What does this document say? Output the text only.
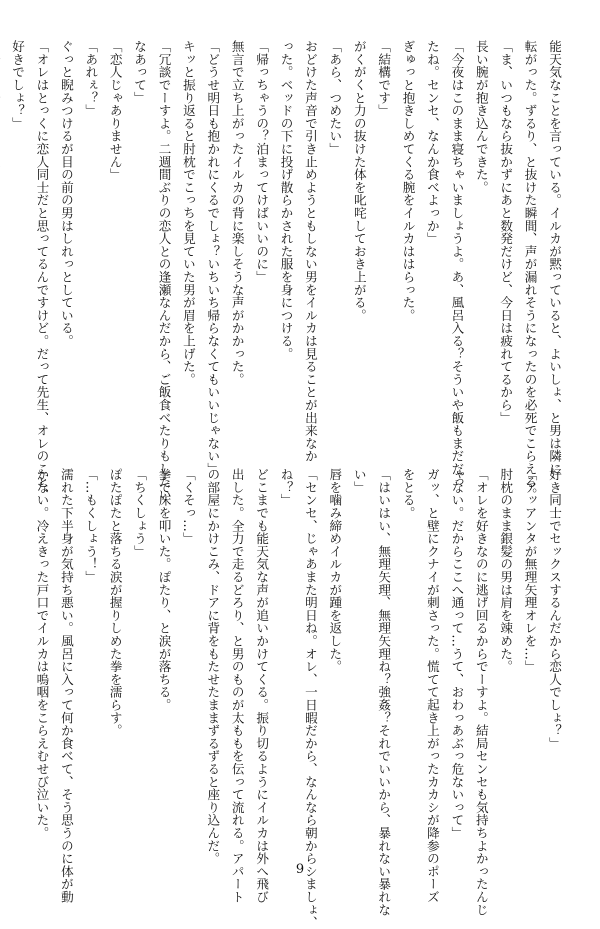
能天気なことを言っている。イルカが黙っていると、よいしょ、と男は隣に
転がった。ずるり、と抜けた瞬間、声が漏れそうになったのを必死でこらえる。
「ま、いつもなら抜かずにあと数発だけど、今日は疲れてるから」
長い腕が抱き込んできた。
「今夜はこのまま寝ちゃいましょうよ。あ、風呂入る？そういや飯もまだだっ
たね。センセ、なんか食べよっか」
ぎゅっと抱きしめてくる腕をイルカははらった。
「結構です」
がくがくと力の抜けた体を叱咤しておき上がる。
「あら、つめたい」
おどけた声音で引き止めようともしない男をイルカは見ることが出来なか
った。ベッドの下に投げ散らかされた服を身につける。
「帰っちゃうの？泊まってけばいいのに」
無言で立ち上がったイルカの背に楽しそうな声がかかった。
「どうせ明日も抱かれにくるでしょ？いちいち帰らなくてもいいじゃない」
キッと振り返ると肘枕でこっちを見ていた男が眉を上げた。
「冗談でーすよ。二週間ぶりの恋人との逢瀬なんだから、ご飯食べたりもしたい
なあって」
「恋人じゃありません」
「あれぇ？」
ぐっと睨みつけるが目の前の男はしれっとしている。
「オレはとっくに恋人同士だと思ってるんですけど。だって先生、オレのこと、
好きでしょ？」
好き同士でセックスするんだから恋人でしょ？」
「アッアンタが無理矢理オレを…」
肘枕のまま銀髪の男は肩を竦めた。
「オレを好きなのに逃げ回るからでーすよ。結局センセも気持ちよかったんじ
ゃない。だからここへ通って…うて、おわっあぶっ危ないって」
ガッ、と壁にクナイが刺さった。慌てて起き上がったカカシが降参のポーズ
をとる。
「はいはい、無理矢理、無理矢理ね？強姦？それでいいから、暴れない暴れな
い」
唇を噛み締めイルカが踵を返した。
「センセ、じゃあまた明日ね。オレ、一日暇だから、なんなら朝からシましょ、
ね？」
どこまでも能天気な声が追いかけてくる。振り切るようにイルカは外へ飛び
出した。全力で走るどろり、と男のものが太ももを伝って流れる。アパート
の部屋にかけこみ、ドアに背をもたせたままずるずると座り込んだ。
「くそっ…」
拳で床を叩いた。ぽたり、と涙が落ちる。
「ちくしょう」
ぽたぽたと落ちる涙が握りしめた拳を濡らす。
「…もくしょう！」
濡れた下半身が気持ち悪い。風呂に入って何か食べて、そう思うのに体が動
かない。冷えきった戸口でイルカは嗚咽をこらえむせび泣いた。
9
